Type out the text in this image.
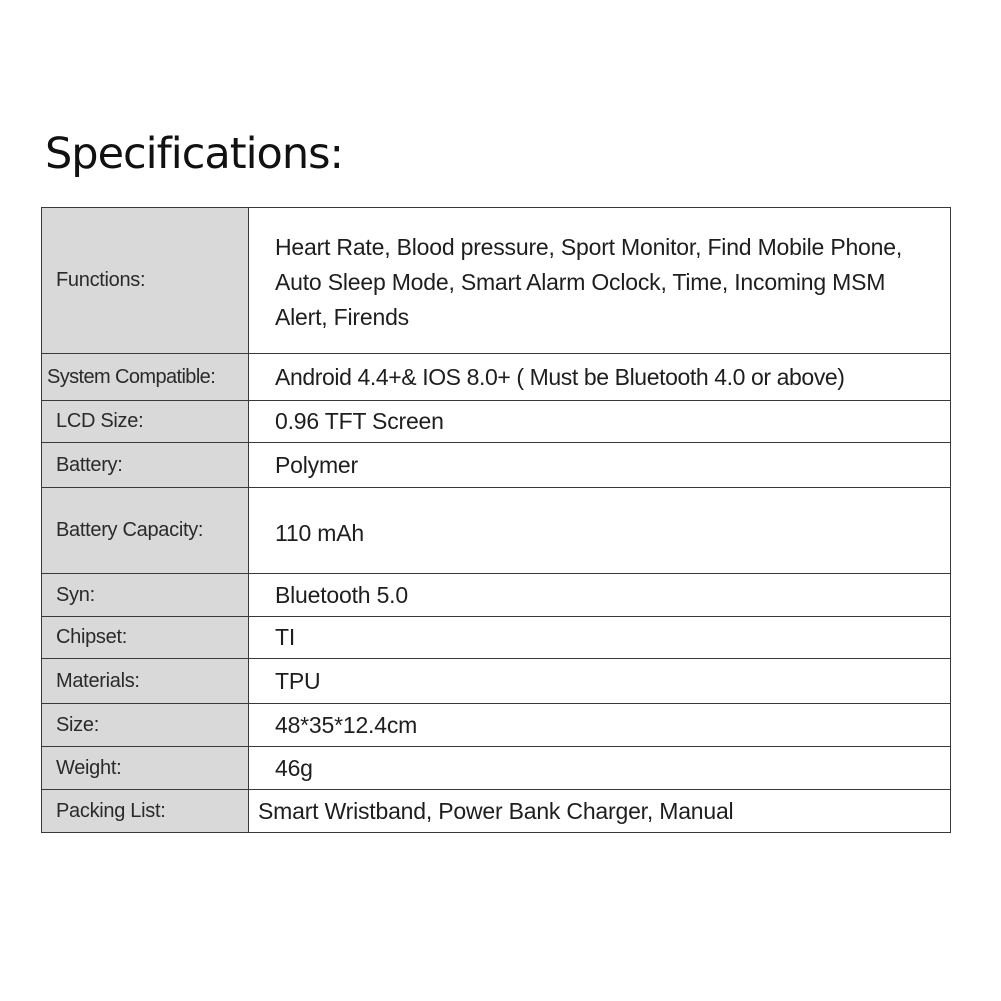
Specifications:
Functions:	Heart Rate, Blood pressure, Sport Monitor, Find Mobile Phone, Auto Sleep Mode, Smart Alarm Oclock, Time, Incoming MSM Alert, Firends
System Compatible:	Android 4.4+& IOS 8.0+ ( Must be Bluetooth 4.0 or above)
LCD Size:	0.96 TFT Screen
Battery:	Polymer
Battery Capacity:	110 mAh
Syn:	Bluetooth 5.0
Chipset:	TI
Materials:	TPU
Size:	48*35*12.4cm
Weight:	46g
Packing List:	Smart Wristband, Power Bank Charger, Manual
